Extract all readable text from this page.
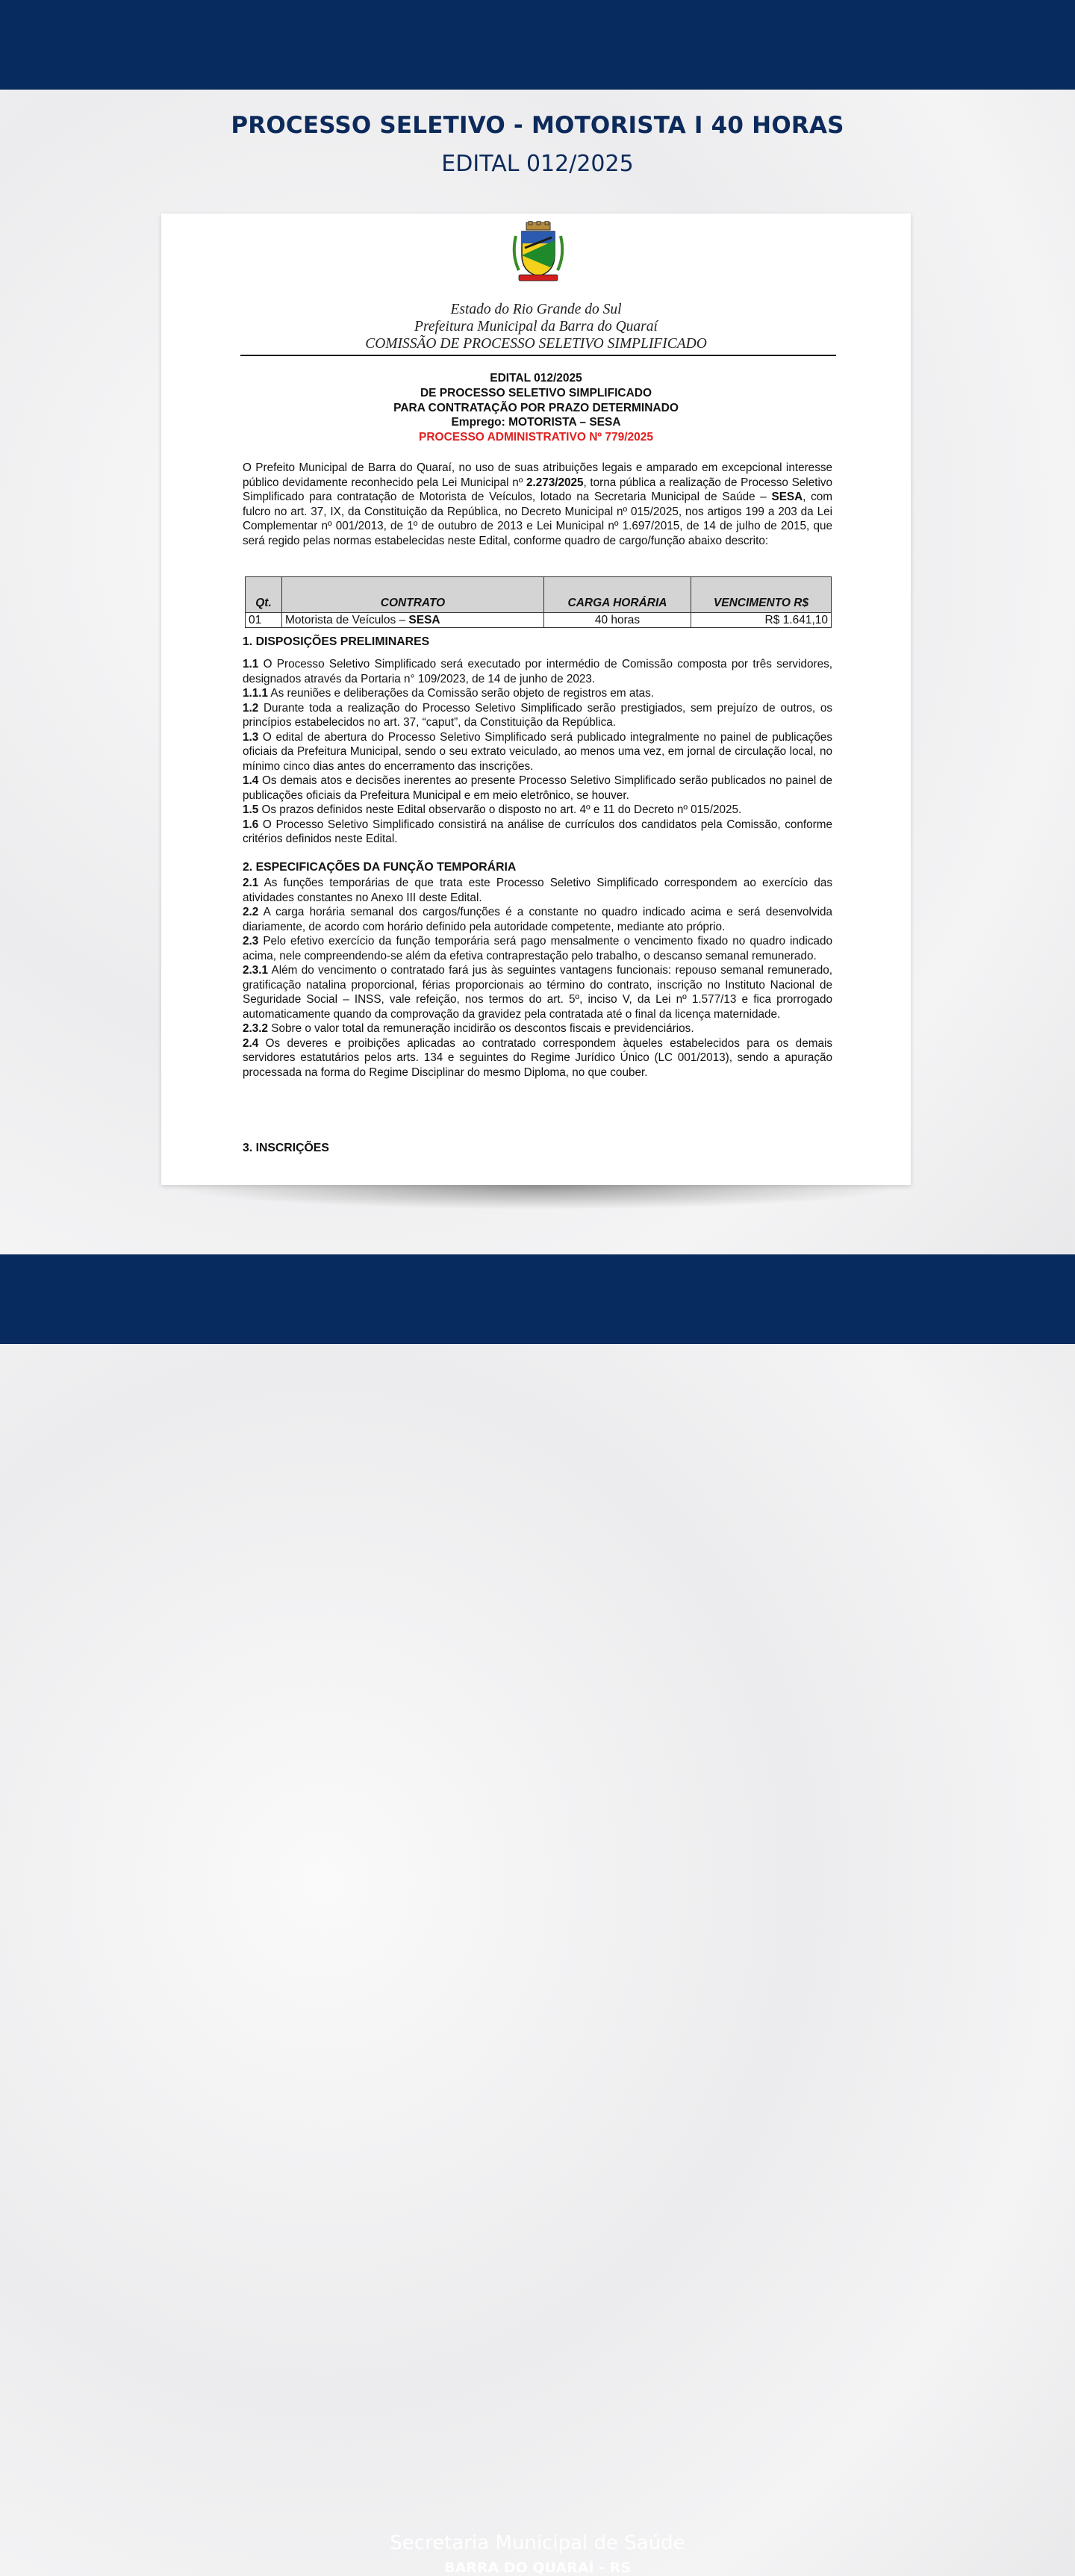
PROCESSO SELETIVO - MOTORISTA I 40 HORAS
EDITAL 012/2025
Estado do Rio Grande do Sul
Prefeitura Municipal da Barra do Quaraí
COMISSÃO DE PROCESSO SELETIVO SIMPLIFICADO
EDITAL 012/2025
DE PROCESSO SELETIVO SIMPLIFICADO
PARA CONTRATAÇÃO POR PRAZO DETERMINADO
Emprego: MOTORISTA – SESA
PROCESSO ADMINISTRATIVO Nº 779/2025
O Prefeito Municipal de Barra do Quaraí, no uso de suas atribuições legais e amparado em excepcional interesse público devidamente reconhecido pela Lei Municipal nº 2.273/2025, torna pública a realização de Processo Seletivo Simplificado para contratação de Motorista de Veículos, lotado na Secretaria Municipal de Saúde – SESA, com fulcro no art. 37, IX, da Constituição da República, no Decreto Municipal nº 015/2025, nos artigos 199 a 203 da Lei Complementar nº 001/2013, de 1º de outubro de 2013 e Lei Municipal nº 1.697/2015, de 14 de julho de 2015, que será regido pelas normas estabelecidas neste Edital, conforme quadro de cargo/função abaixo descrito:
Qt.	CONTRATO	CARGA HORÁRIA	VENCIMENTO R$
01	Motorista de Veículos – SESA	40 horas	R$ 1.641,10
1. DISPOSIÇÕES PRELIMINARES
1.1 O Processo Seletivo Simplificado será executado por intermédio de Comissão composta por três servidores, designados através da Portaria n° 109/2023, de 14 de junho de 2023.
1.1.1 As reuniões e deliberações da Comissão serão objeto de registros em atas.
1.2 Durante toda a realização do Processo Seletivo Simplificado serão prestigiados, sem prejuízo de outros, os princípios estabelecidos no art. 37, “caput”, da Constituição da República.
1.3 O edital de abertura do Processo Seletivo Simplificado será publicado integralmente no painel de publicações oficiais da Prefeitura Municipal, sendo o seu extrato veiculado, ao menos uma vez, em jornal de circulação local, no mínimo cinco dias antes do encerramento das inscrições.
1.4 Os demais atos e decisões inerentes ao presente Processo Seletivo Simplificado serão publicados no painel de publicações oficiais da Prefeitura Municipal e em meio eletrônico, se houver.
1.5 Os prazos definidos neste Edital observarão o disposto no art. 4º e 11 do Decreto nº 015/2025.
1.6 O Processo Seletivo Simplificado consistirá na análise de currículos dos candidatos pela Comissão, conforme critérios definidos neste Edital.
2. ESPECIFICAÇÕES DA FUNÇÃO TEMPORÁRIA
2.1 As funções temporárias de que trata este Processo Seletivo Simplificado correspondem ao exercício das atividades constantes no Anexo III deste Edital.
2.2 A carga horária semanal dos cargos/funções é a constante no quadro indicado acima e será desenvolvida diariamente, de acordo com horário definido pela autoridade competente, mediante ato próprio.
2.3 Pelo efetivo exercício da função temporária será pago mensalmente o vencimento fixado no quadro indicado acima, nele compreendendo-se além da efetiva contraprestação pelo trabalho, o descanso semanal remunerado.
2.3.1 Além do vencimento o contratado fará jus às seguintes vantagens funcionais: repouso semanal remunerado, gratificação natalina proporcional, férias proporcionais ao término do contrato, inscrição no Instituto Nacional de Seguridade Social – INSS, vale refeição, nos termos do art. 5º, inciso V, da Lei nº 1.577/13 e fica prorrogado automaticamente quando da comprovação da gravidez pela contratada até o final da licença maternidade.
2.3.2 Sobre o valor total da remuneração incidirão os descontos fiscais e previdenciários.
2.4 Os deveres e proibições aplicadas ao contratado correspondem àqueles estabelecidos para os demais servidores estatutários pelos arts. 134 e seguintes do Regime Jurídico Único (LC 001/2013), sendo a apuração processada na forma do Regime Disciplinar do mesmo Diploma, no que couber.
3. INSCRIÇÕES
Secretaria Municipal de Saúde
BARRA DO QUARAÍ - RS
